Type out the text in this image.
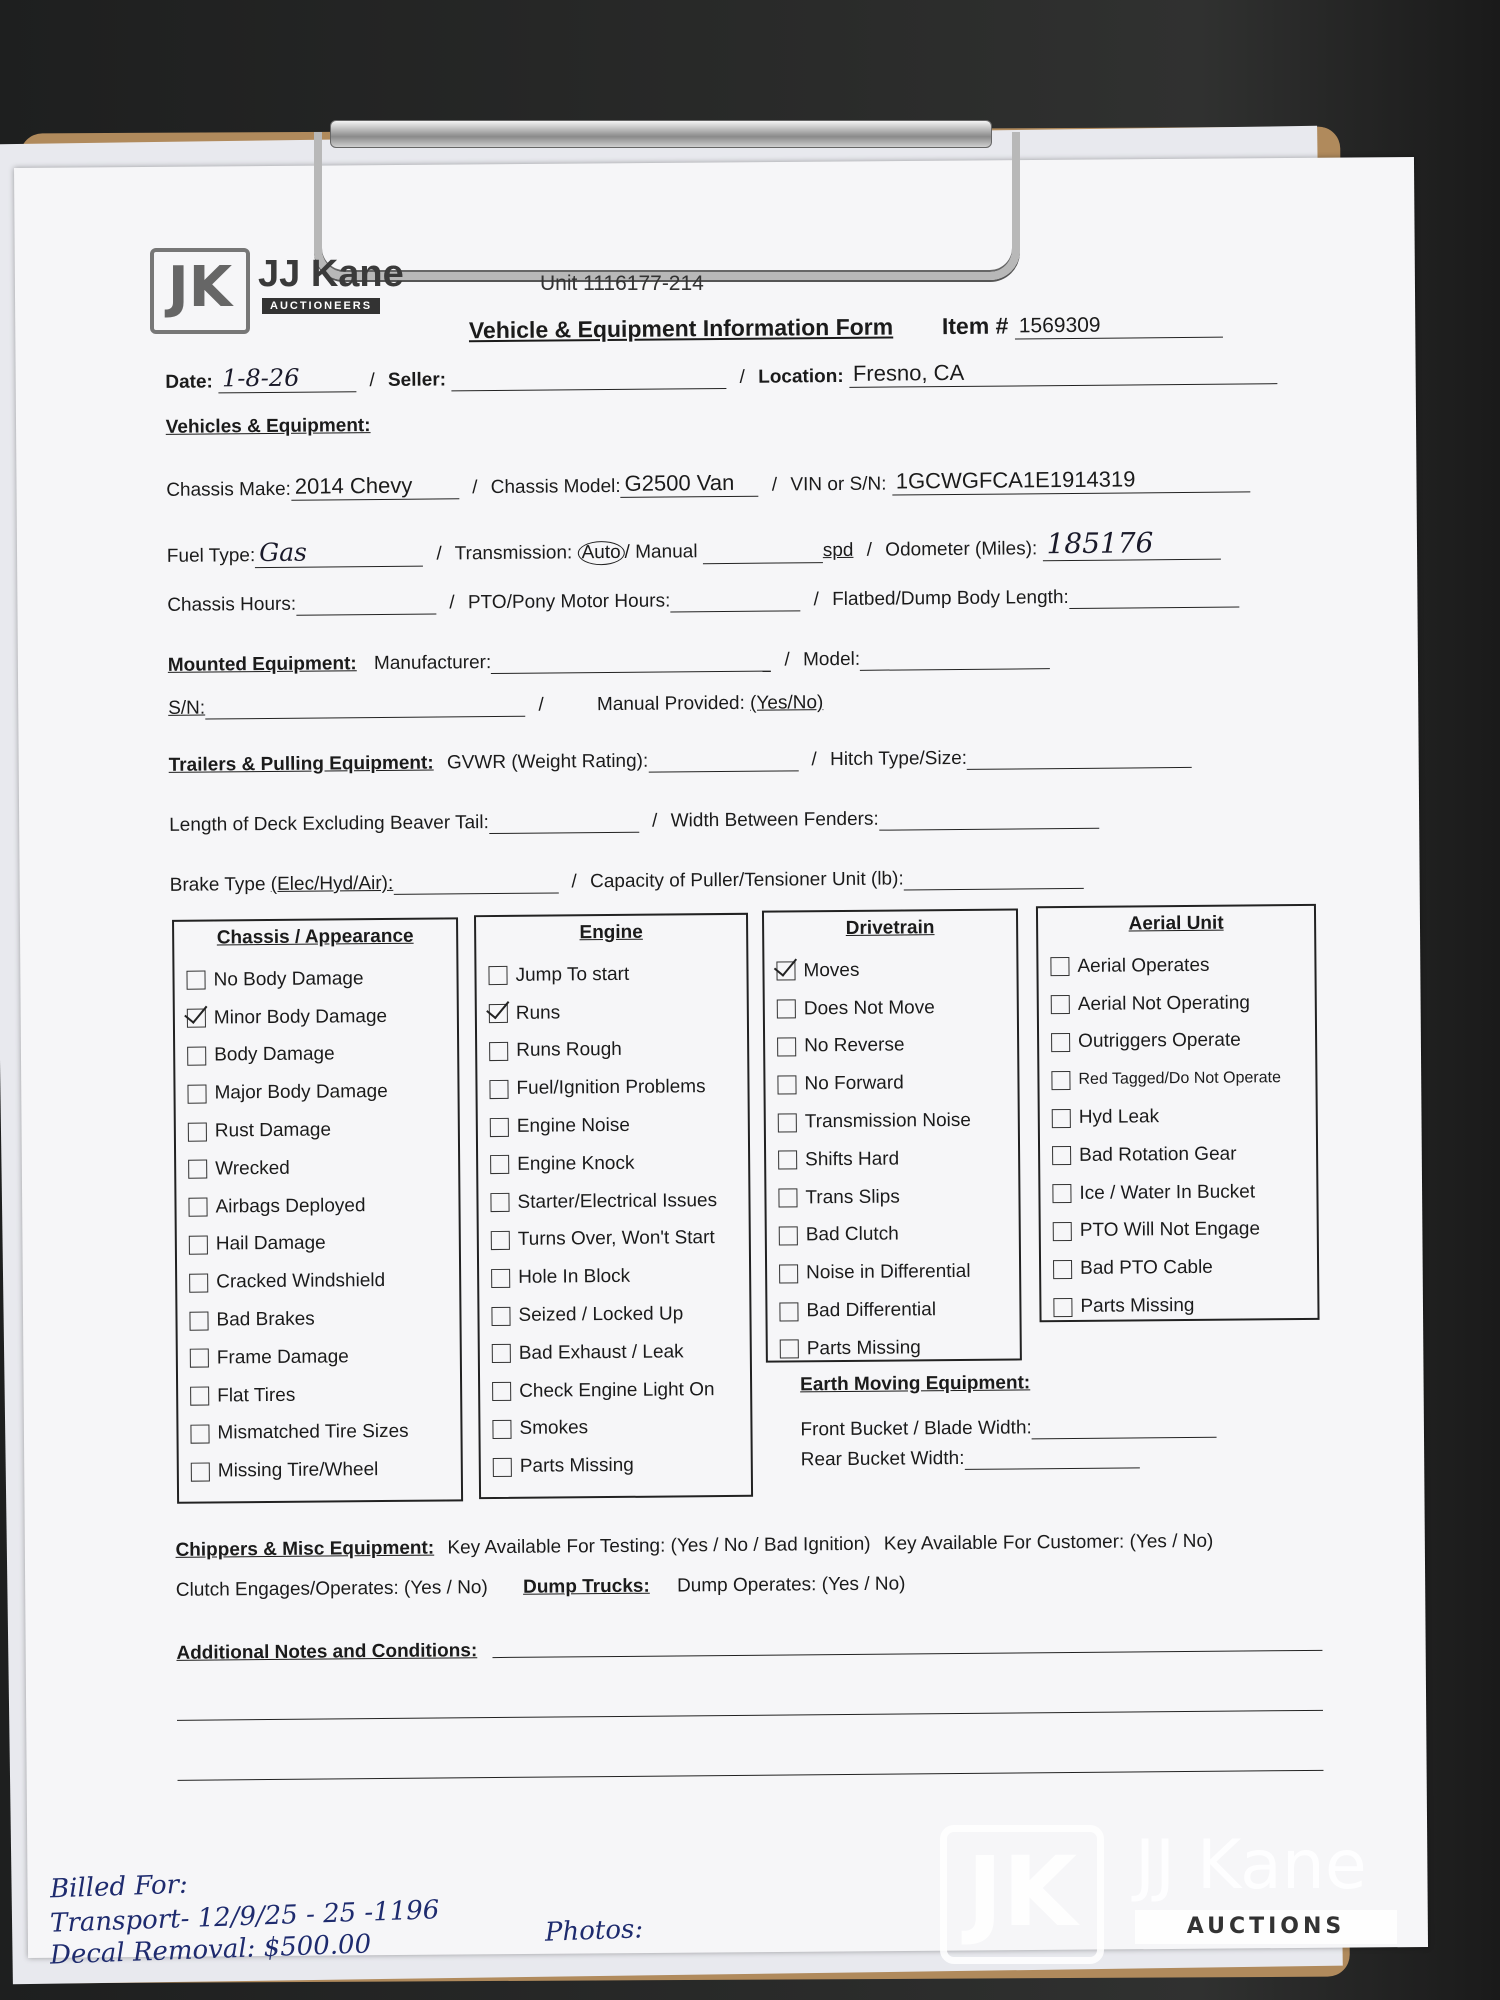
JK JJ Kane
AUCTIONEERS
Unit 1116177-214
Vehicle & Equipment Information Form Item # 1569309
Date: 1-8-26	/ Seller:	/ Location: Fresno, CA
Vehicles & Equipment:
Chassis Make: 2014 Chevy	/ Chassis Model: G2500 Van / VIN or S/N: 1GCWGFCA1E1914319
Fuel Type: Gas	/ Transmission: Auto / Manual	spd / Odometer (Miles): 185176
Chassis Hours:	/ PTO/Pony Motor Hours:	/ Flatbed/Dump Body Length:
Mounted Equipment: Manufacturer:	/ Model:
S/N:	/	Manual Provided: (Yes/No)
Trailers & Pulling Equipment: GVWR (Weight Rating):	/ Hitch Type/Size:
Length of Deck Excluding Beaver Tail:	/ Width Between Fenders:
Brake Type (Elec/Hyd/Air):	/ Capacity of Puller/Tensioner Unit (lb):
Chassis / Appearance
No Body Damage
Minor Body Damage
Body Damage
Major Body Damage
Rust Damage
Wrecked
Airbags Deployed
Hail Damage
Cracked Windshield
Bad Brakes
Frame Damage
Flat Tires
Mismatched Tire Sizes
Missing Tire/Wheel
Engine
Jump To start
Runs
Runs Rough
Fuel/Ignition Problems
Engine Noise
Engine Knock
Starter/Electrical Issues
Turns Over, Won't Start
Hole In Block
Seized / Locked Up
Bad Exhaust / Leak
Check Engine Light On
Smokes
Parts Missing
Drivetrain
Moves
Does Not Move
No Reverse
No Forward
Transmission Noise
Shifts Hard
Trans Slips
Bad Clutch
Noise in Differential
Bad Differential
Parts Missing
Aerial Unit
Aerial Operates
Aerial Not Operating
Outriggers Operate
Red Tagged/Do Not Operate
Hyd Leak
Bad Rotation Gear
Ice / Water In Bucket
PTO Will Not Engage
Bad PTO Cable
Parts Missing
Earth Moving Equipment:
Front Bucket / Blade Width:
Rear Bucket Width:
Chippers & Misc Equipment: Key Available For Testing: (Yes / No / Bad Ignition) Key Available For Customer: (Yes / No)
Clutch Engages/Operates: (Yes / No) Dump Trucks: Dump Operates: (Yes / No)
Additional Notes and Conditions:
Billed For:
Transport- 12/9/25 - 25 -1196
Decal Removal: $500.00	Photos:	JK JJ Kane
AUCTIONS
